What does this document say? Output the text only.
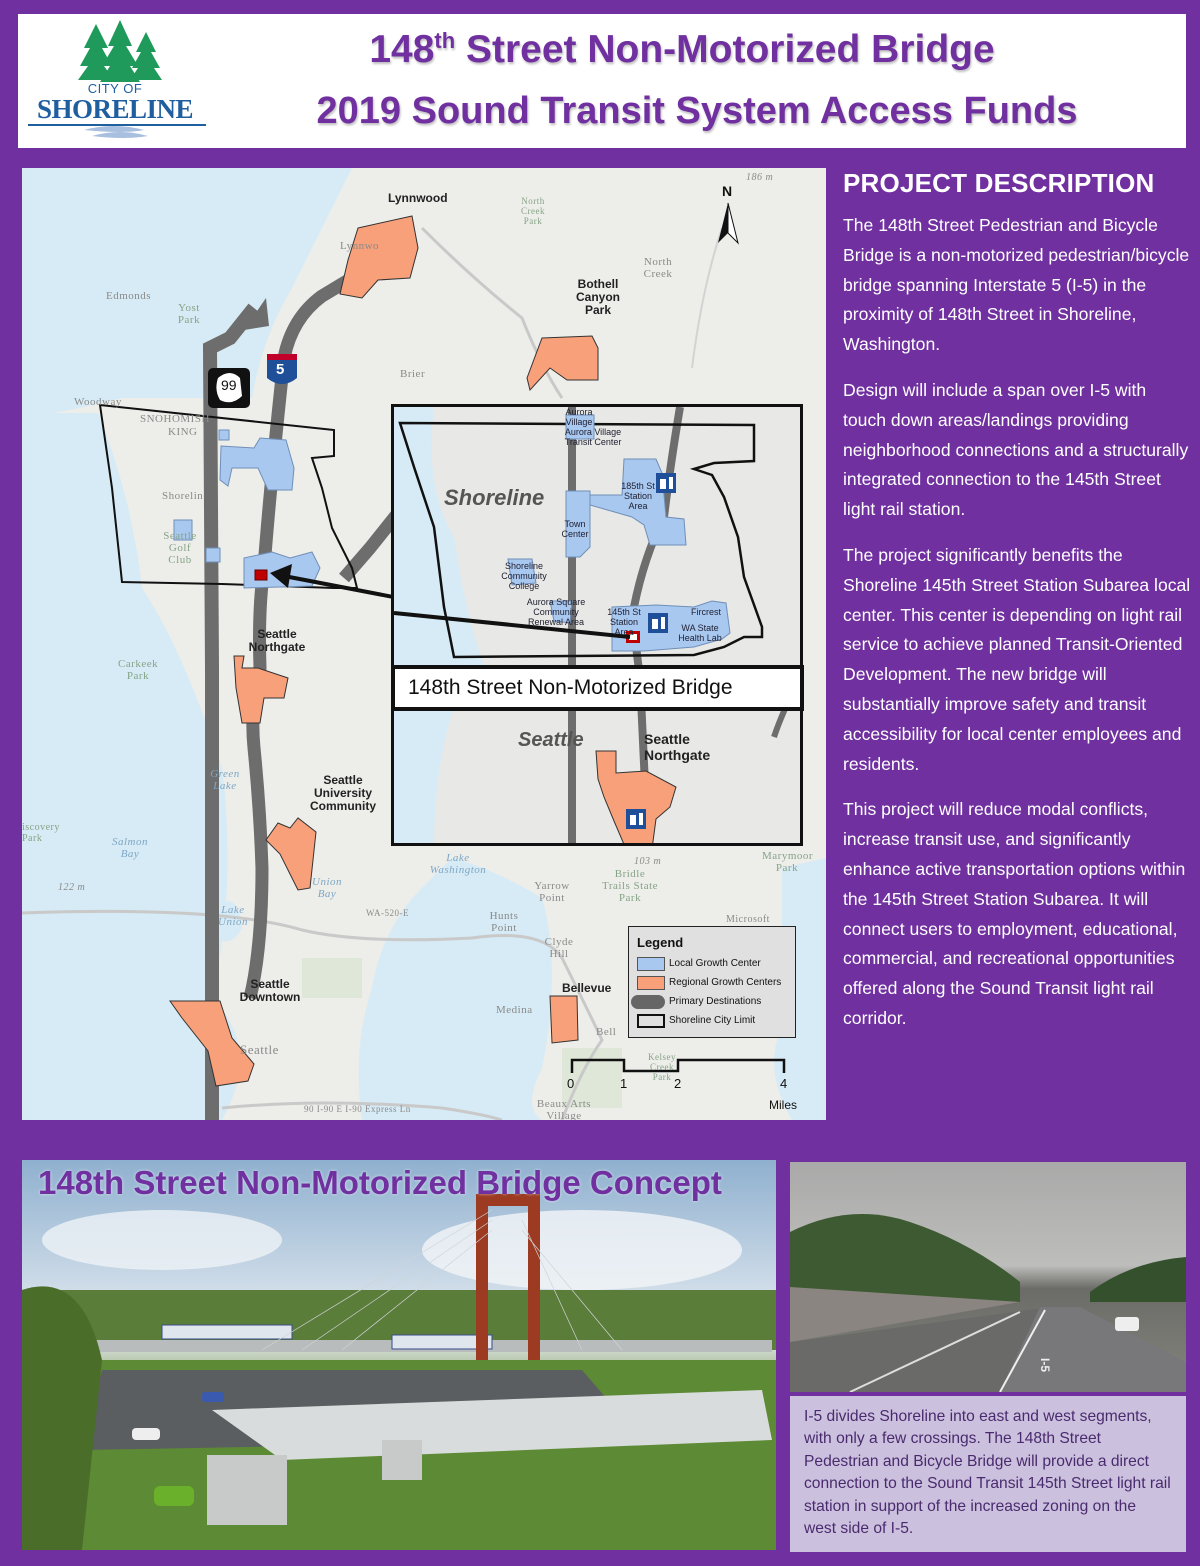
CITY OF
SHORELINE
148th Street Non-Motorized Bridge
2019 Sound Transit System Access Funds
99
5
N
Edmonds
Yost Park
Woodway
SNOHOMISH
KING
Shorelin
Seattle Golf Club
Lynnwo
Carkeek Park
Green Lake
Salmon Bay
Lake Union
Union Bay
Lake Washington
Yarrow Point
Hunts Point
Clyde Hill
Medina
Beaux Arts Village
Seattle
Bell
North Creek Park
North Creek
Brier
Bridle Trails State Park
Marymoor Park
Microsoft
Kelsey Creek Park
186 m
122 m
103 m
iscovery Park
WA-520-E
90 I-90 E I-90 Express Ln
Lynnwood
Bothell Canyon Park
Seattle Northgate
Seattle University Community
Seattle Downtown
Bellevue
Shoreline
Seattle
Aurora Village
Aurora Village Transit Center
185th St Station Area
Town Center
Shoreline Community College
Aurora Square Community Renewal Area
145th St Station Area
Fircrest
WA State Health Lab
Seattle Northgate
148th Street Non-Motorized Bridge
Legend
Local Growth Center
Regional Growth Centers
Primary Destinations
Shoreline City Limit
0	1	2	4
Miles
PROJECT DESCRIPTION

The 148th Street Pedestrian and Bicycle Bridge is a non-motorized pedestrian/bicycle bridge spanning Interstate 5 (I-5) in the proximity of 148th Street in Shoreline, Washington.

Design will include a span over I-5 with touch down areas/landings providing neighborhood connections and a structurally integrated connection to the 145th Street light rail station.

The project significantly benefits the Shoreline 145th Street Station Subarea local center. This center is depending on light rail service to achieve planned Transit-Oriented Development. The new bridge will substantially improve safety and transit accessibility for local center employees and residents.

This project will reduce modal conflicts, increase transit use, and significantly enhance active transportation options within the 145th Street Station Subarea. It will connect users to employment, educational, commercial, and recreational opportunities offered along the Sound Transit light rail corridor.

148th Street Non-Motorized Bridge Concept
I-5
I-5 divides Shoreline into east and west segments, with only a few crossings. The 148th Street Pedestrian and Bicycle Bridge will provide a direct connection to the Sound Transit 145th Street light rail station in support of the increased zoning on the west side of I-5.
